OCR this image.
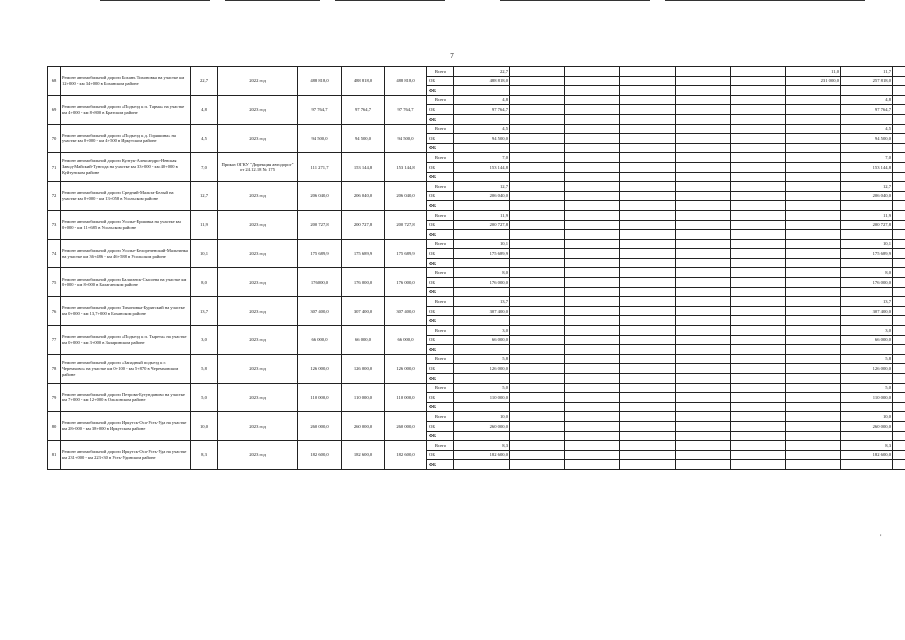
7
68	Ремонт автомобильной дороги Боханъ Тихоновка на участке км 12+000 - км 34+000 в Боханском районе	22,7	2022 год	488 818,0	488 818,0	488 818,0	Всего	22,7						11,0	11,7	
							ОБ	488 818,0						231 000,0	257 818,0	
							ФБ									
69	Ремонт автомобильной дороги «Подъезд к п. Тарма» на участке км 4+000 - км 8+800 в Братском районе	4,8	2023 год	97 764,7	97 764,7	97 764,7	Всего	4,8							4,8	
							ОБ	97 764,7							97 764,7	
							ФБ									
70	Ремонт автомобильной дороги «Подъезд к д. Горяшина» на участке км 0+000 - км 4+500 в Иркутском районе	4,5	2023 год	94 500,0	94 500,0	94 500,0	Всего	4,5							4,5	
							ОБ	94 500,0							94 500,0	
							ФБ									
71	Ремонт автомобильной дороги Култук-Александро-Невская Завод-Майский-Тунгода на участке км 33+000 - км 40+000 в Куйтунском районе	7,0	Приказ ОГКУ "Дирекция автодорог" от 24.12.18 № 175	111 271,7	153 144,8	153 144,8	Всего	7,0							7,0	
							ОБ	153 144,8							153 144,8	
							ФБ									
72	Ремонт автомобильной дороги Средний-Мальта-Белый на участке км 0+000 - км 13+058 в Усольском районе	12,7	2023 год	206 040,0	206 040,0	206 040,0	Всего	12,7							12,7	
							ОБ	206 040,0							206 040,0	
							ФБ									
73	Ремонт автомобильной дороги Усолье-Ершовка на участке км 0+000 - км 11+685 в Усольском районе	11,9	2023 год	200 727,8	200 727,8	200 727,8	Всего	11,9							11,9	
							ОБ	200 727,8							200 727,8	
							ФБ									
74	Ремонт автомобильной дороги Усолье-Белореченский-Мальтинка на участке км 36+486 - км 46+588 в Усольском районе	10,1	2023 год	175 689,9	175 689,9	175 689,9	Всего	10,1							10,1	
							ОБ	175 689,9							175 689,9	
							ФБ									
75	Ремонт автомобильной дороги Балаганск-Сысоева на участке км 0+000 - км 8+000 в Балаганском районе	8,0	2023 год	176000,0	176 000,0	176 000,0	Всего	8,0							8,0	
							ОБ	176 000,0							176 000,0	
							ФБ									
76	Ремонт автомобильной дороги Тихоновка-Бурятский на участке км 0+000 - км 13,7+000 в Боханском районе	13,7	2023 год	307 400,0	307 400,0	307 400,0	Всего	13,7							13,7	
							ОБ	307 400,0							307 400,0	
							ФБ									
77	Ремонт автомобильной дороги «Подъезд к п. Тырета» на участке км 0+000 - км 3+000 в Заларинском районе	3,0	2023 год	66 000,0	66 000,0	66 000,0	Всего	3,0							3,0	
							ОБ	66 000,0							66 000,0	
							ФБ									
78	Ремонт автомобильной дороги «Западный подъезд к г. Черемхово» на участке км 0+100 - км 5+870 в Черемховском районе	5,8	2023 год	126 000,0	126 000,0	126 000,0	Всего	5,8							5,8	
							ОБ	126 000,0							126 000,0	
							ФБ									
79	Ремонт автомобильной дороги Петрова-Бутунданово на участке км 7+000 - км 12+000 в Ольхонском районе	5,0	2023 год	110 000,0	110 000,0	110 000,0	Всего	5,0							5,0	
							ОБ	110 000,0							110 000,0	
							ФБ									
80	Ремонт автомобильной дороги Иркутск-Оса-Усть-Уда на участке км 28+000 - км 38+000 в Иркутском районе	10,0	2023 год	260 000,0	260 000,0	260 000,0	Всего	10,0							10,0	
							ОБ	260 000,0							260 000,0	
							ФБ									
81	Ремонт автомобильной дороги Иркутск-Оса-Усть-Уда на участке км 231+000 - км 223+30 в Усть-Удинском районе	8,3	2023 год	182 600,0	182 600,0	182 600,0	Всего	8,3							8,3	
							ОБ	182 600,0							182 600,0	
							ФБ									
,
